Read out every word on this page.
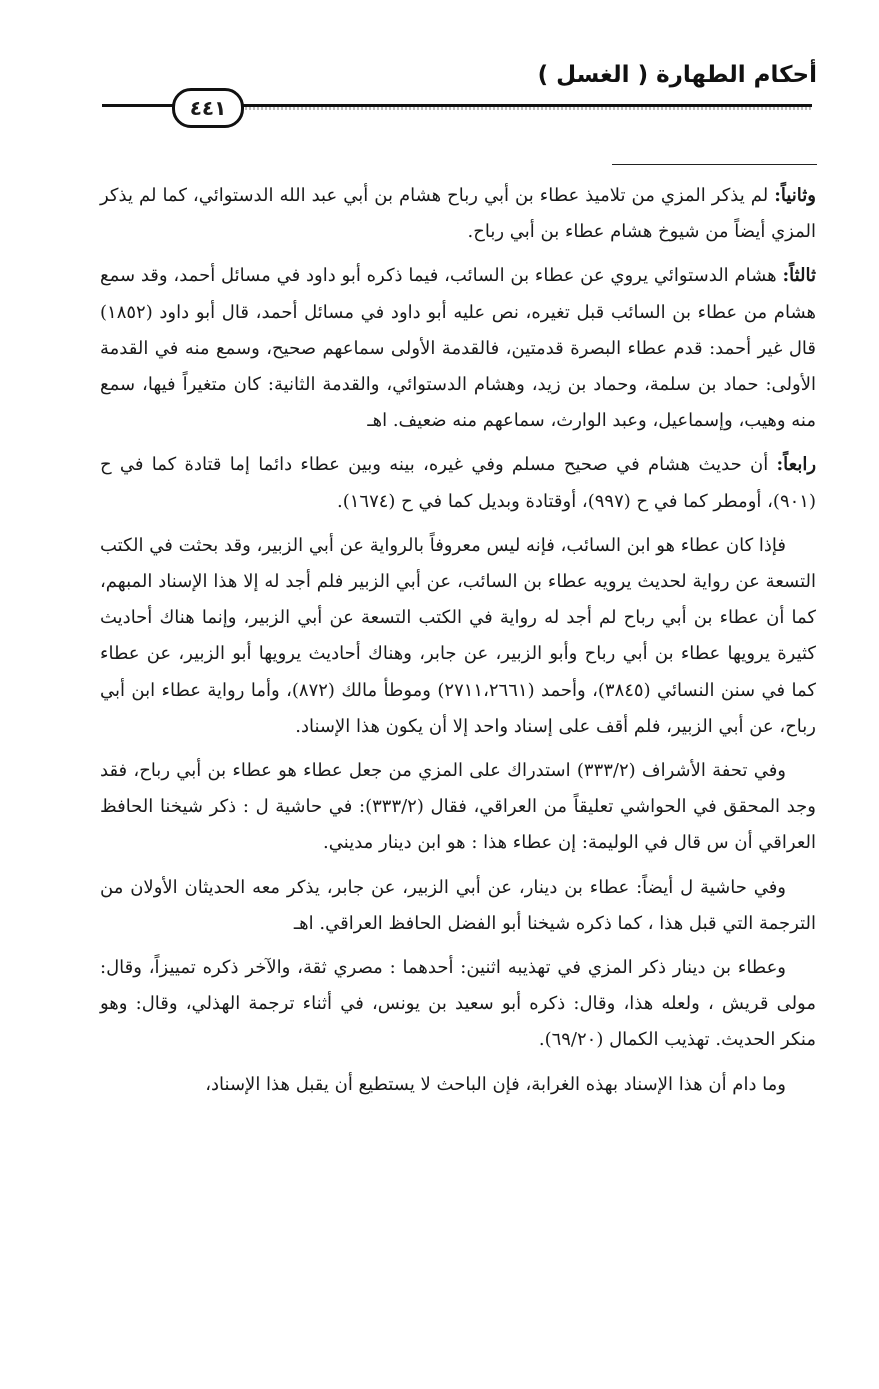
أحكام الطهارة ( الغسل )
٤٤١

وثانياً: لم يذكر المزي من تلاميذ عطاء بن أبي رباح هشام بن أبي عبد الله الدستوائي، كما لم يذكر المزي أيضاً من شيوخ هشام عطاء بن أبي رباح.

ثالثاً: هشام الدستوائي يروي عن عطاء بن السائب، فيما ذكره أبو داود في مسائل أحمد، وقد سمع هشام من عطاء بن السائب قبل تغيره، نص عليه أبو داود في مسائل أحمد، قال أبو داود (١٨٥٢) قال غير أحمد: قدم عطاء البصرة قدمتين، فالقدمة الأولى سماعهم صحيح، وسمع منه في القدمة الأولى: حماد بن سلمة، وحماد بن زيد، وهشام الدستوائي، والقدمة الثانية: كان متغيراً فيها، سمع منه وهيب، وإسماعيل، وعبد الوارث، سماعهم منه ضعيف. اهـ

رابعاً: أن حديث هشام في صحيح مسلم وفي غيره، بينه وبين عطاء دائما إما قتادة كما في ح (٩٠١)، أومطر كما في ح (٩٩٧)، أوقتادة وبديل كما في ح (١٦٧٤).

فإذا كان عطاء هو ابن السائب، فإنه ليس معروفاً بالرواية عن أبي الزبير، وقد بحثت في الكتب التسعة عن رواية لحديث يرويه عطاء بن السائب، عن أبي الزبير فلم أجد له إلا هذا الإسناد المبهم، كما أن عطاء بن أبي رباح لم أجد له رواية في الكتب التسعة عن أبي الزبير، وإنما هناك أحاديث كثيرة يرويها عطاء بن أبي رباح وأبو الزبير، عن جابر، وهناك أحاديث يرويها أبو الزبير، عن عطاء كما في سنن النسائي (٣٨٤٥)، وأحمد (٢٧١١،٢٦٦١) وموطأ مالك (٨٧٢)، وأما رواية عطاء ابن أبي رباح، عن أبي الزبير، فلم أقف على إسناد واحد إلا أن يكون هذا الإسناد.

وفي تحفة الأشراف (٣٣٣/٢) استدراك على المزي من جعل عطاء هو عطاء بن أبي رباح، فقد وجد المحقق في الحواشي تعليقاً من العراقي، فقال (٣٣٣/٢): في حاشية ل : ذكر شيخنا الحافظ العراقي أن س قال في الوليمة: إن عطاء هذا : هو ابن دينار مديني.

وفي حاشية ل أيضاً: عطاء بن دينار، عن أبي الزبير، عن جابر، يذكر معه الحديثان الأولان من الترجمة التي قبل هذا ، كما ذكره شيخنا أبو الفضل الحافظ العراقي. اهـ

وعطاء بن دينار ذكر المزي في تهذيبه اثنين: أحدهما : مصري ثقة، والآخر ذكره تمييزاً، وقال: مولى قريش ، ولعله هذا، وقال: ذكره أبو سعيد بن يونس، في أثناء ترجمة الهذلي، وقال: وهو منكر الحديث. تهذيب الكمال (٦٩/٢٠).

وما دام أن هذا الإسناد بهذه الغرابة، فإن الباحث لا يستطيع أن يقبل هذا الإسناد،
